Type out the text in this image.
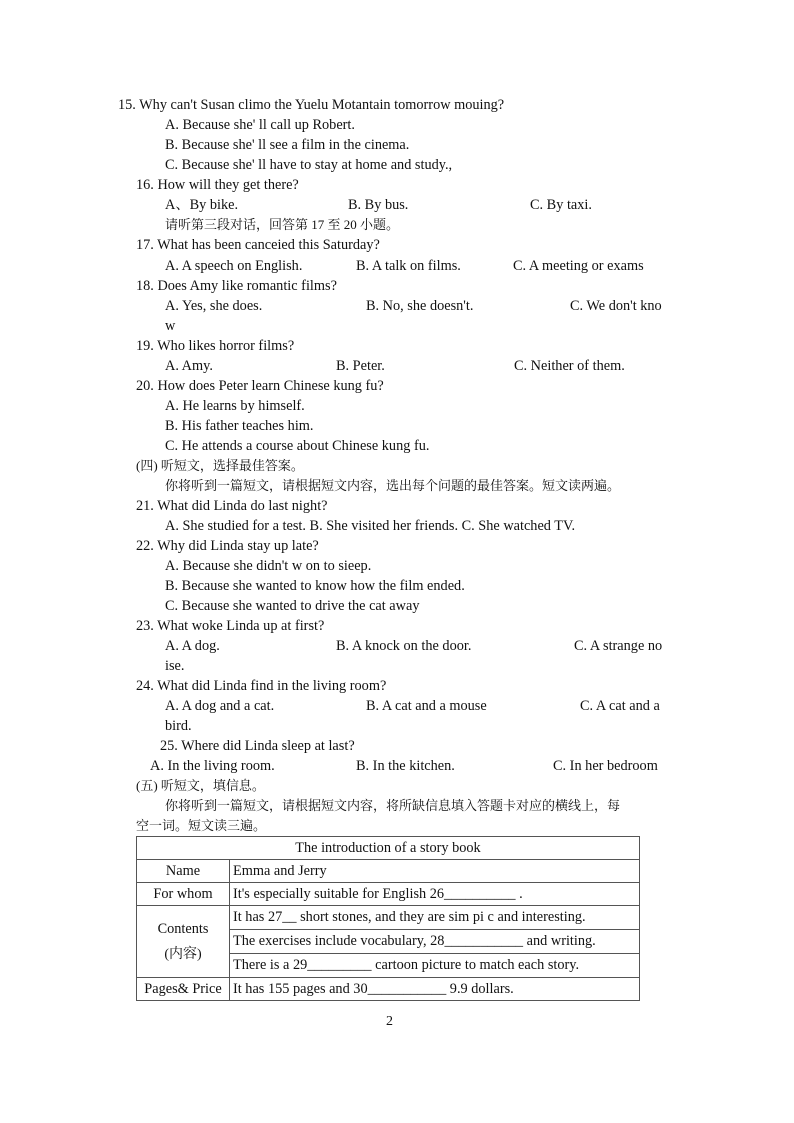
15. Why can't Susan climo the Yuelu Motantain tomorrow mouing?
A. Because she' ll call up Robert.
B. Because she' ll see a film in the cinema.
C. Because she' ll have to stay at home and study.,
16. How will they get there?
A、By bike.	B. By bus.	C. By taxi.
请听第三段对话，回答第 17 至 20 小题。
17. What has been canceied this Saturday?
A. A speech on English.	B. A talk on films.	C. A meeting or exams
18. Does Amy like romantic films?
A. Yes, she does.	B. No, she doesn't.	C. We don't kno
w
19. Who likes horror films?
A. Amy.	B. Peter.	C. Neither of them.
20. How does Peter learn Chinese kung fu?
A. He learns by himself.
B. His father teaches him.
C. He attends a course about Chinese kung fu.
(四) 听短文，选择最佳答案。
你将听到一篇短文，请根据短文内容，选出每个问题的最佳答案。短文读两遍。
21. What did Linda do last night?
A. She studied for a test. B. She visited her friends. C. She watched TV.
22. Why did Linda stay up late?
A. Because she didn't w on to sieep.
B. Because she wanted to know how the film ended.
C. Because she wanted to drive the cat away
23. What woke Linda up at first?
A. A dog.	B. A knock on the door.	C. A strange no
ise.
24. What did Linda find in the living room?
A. A dog and a cat.	B. A cat and a mouse	C. A cat and a
bird.
25. Where did Linda sleep at last?
A. In the living room.	B. In the kitchen.	C. In her bedroom
(五) 听短文，填信息。
你将听到一篇短文，请根据短文内容，将所缺信息填入答题卡对应的横线上，每
空一词。短文读三遍。
The introduction of a story book	
Name	Emma and Jerry
For whom	It's especially suitable for English 26__________ .

Contents
(内容)	It has 27__ short stones, and they are sim pi c and interesting.
	The exercises include vocabulary, 28___________ and writing.
	There is a 29_________ cartoon picture to match each story.
Pages& Price	It has 155 pages and 30___________ 9.9 dollars.
2
